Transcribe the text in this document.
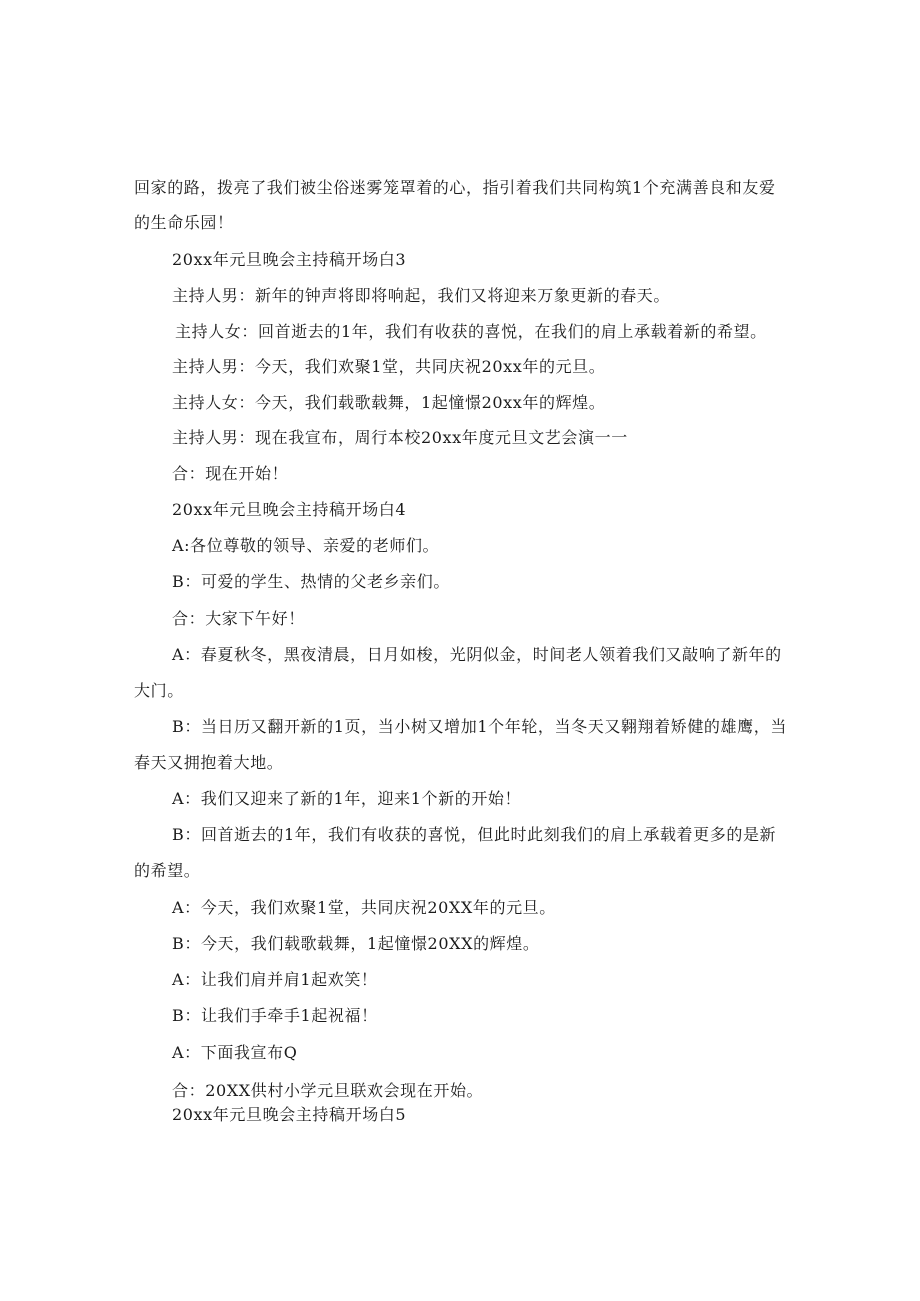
回家的路，拨亮了我们被尘俗迷雾笼罩着的心，指引着我们共同构筑1个充满善良和友爱
的生命乐园！
20xx年元旦晚会主持稿开场白3
主持人男：新年的钟声将即将响起，我们又将迎来万象更新的春天。
主持人女：回首逝去的1年，我们有收获的喜悦，在我们的肩上承载着新的希望。
主持人男：今天，我们欢聚1堂，共同庆祝20xx年的元旦。
主持人女：今天，我们载歌载舞，1起憧憬20xx年的辉煌。
主持人男：现在我宣布，周行本校20xx年度元旦文艺会演一一
合：现在开始！
20xx年元旦晚会主持稿开场白4
A:各位尊敬的领导、亲爱的老师们。
B：可爱的学生、热情的父老乡亲们。
合：大家下午好！
A：春夏秋冬，黑夜清晨，日月如梭，光阴似金，时间老人领着我们又敲响了新年的
大门。
B：当日历又翻开新的1页，当小树又增加1个年轮，当冬天又翱翔着矫健的雄鹰，当
春天又拥抱着大地。
A：我们又迎来了新的1年，迎来1个新的开始！
B：回首逝去的1年，我们有收获的喜悦，但此时此刻我们的肩上承载着更多的是新
的希望。
A：今天，我们欢聚1堂，共同庆祝20XX年的元旦。
B：今天，我们载歌载舞，1起憧憬20XX的辉煌。
A：让我们肩并肩1起欢笑！
B：让我们手牵手1起祝福！
A：下面我宣布Q
合：20XX供村小学元旦联欢会现在开始。
20xx年元旦晚会主持稿开场白5
